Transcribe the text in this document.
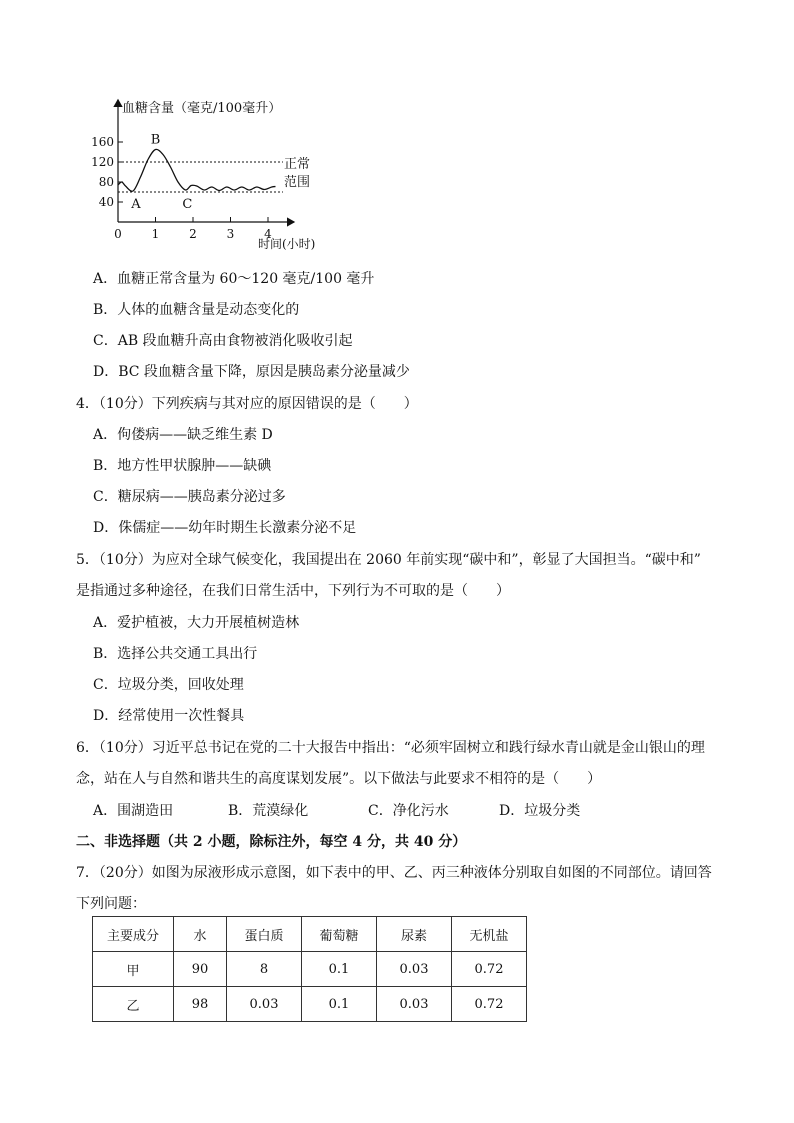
血糖含量（毫克/100毫升）
时间(小时)
正常
范围
40
80
120
160
0 1 2 3 4
A
B
C
A．血糖正常含量为 60～120 毫克/100 毫升
B．人体的血糖含量是动态变化的
C．AB 段血糖升高由食物被消化吸收引起
D．BC 段血糖含量下降，原因是胰岛素分泌量减少
4．（10分）下列疾病与其对应的原因错误的是（　　）
A．佝偻病——缺乏维生素 D
B．地方性甲状腺肿——缺碘
C．糖尿病——胰岛素分泌过多
D．侏儒症——幼年时期生长激素分泌不足
5．（10分）为应对全球气候变化，我国提出在 2060 年前实现“碳中和”，彰显了大国担当。“碳中和”
是指通过多种途径，在我们日常生活中，下列行为不可取的是（　　）
A．爱护植被，大力开展植树造林
B．选择公共交通工具出行
C．垃圾分类，回收处理
D．经常使用一次性餐具
6．（10分）习近平总书记在党的二十大报告中指出：“必须牢固树立和践行绿水青山就是金山银山的理
念，站在人与自然和谐共生的高度谋划发展”。以下做法与此要求不相符的是（　　）
A．围湖造田	B．荒漠绿化	C．净化污水	D．垃圾分类
二、非选择题（共 2 小题，除标注外，每空 4 分，共 40 分）
7．（20分）如图为尿液形成示意图，如下表中的甲、乙、丙三种液体分别取自如图的不同部位。请回答
下列问题：
主要成分	水	蛋白质	葡萄糖	尿素	无机盐
甲	90	8	0.1	0.03	0.72
乙	98	0.03	0.1	0.03	0.72
